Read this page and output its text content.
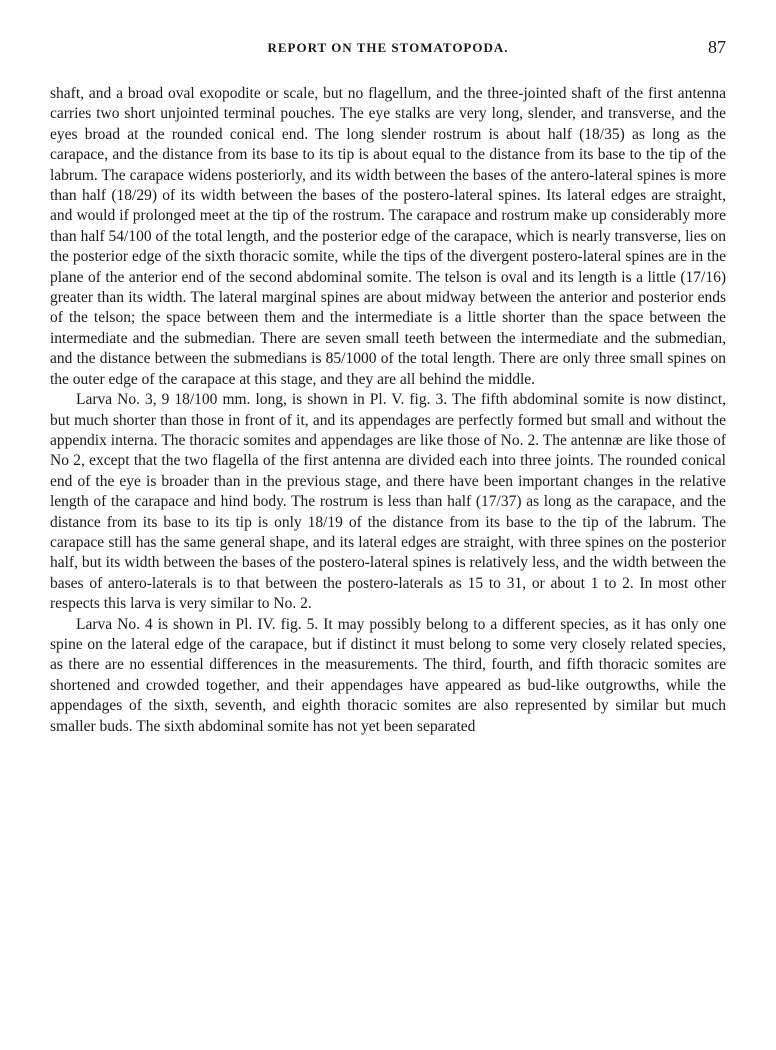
REPORT ON THE STOMATOPODA.	87

shaft, and a broad oval exopodite or scale, but no flagellum, and the three-jointed shaft of the first antenna carries two short unjointed terminal pouches. The eye stalks are very long, slender, and transverse, and the eyes broad at the rounded conical end. The long slender rostrum is about half (18/35) as long as the carapace, and the distance from its base to its tip is about equal to the distance from its base to the tip of the labrum. The carapace widens posteriorly, and its width between the bases of the antero-lateral spines is more than half (18/29) of its width between the bases of the postero-lateral spines. Its lateral edges are straight, and would if prolonged meet at the tip of the rostrum. The carapace and rostrum make up considerably more than half 54/100 of the total length, and the posterior edge of the carapace, which is nearly transverse, lies on the posterior edge of the sixth thoracic somite, while the tips of the divergent postero-lateral spines are in the plane of the anterior end of the second abdominal somite. The telson is oval and its length is a little (17/16) greater than its width. The lateral marginal spines are about midway between the anterior and posterior ends of the telson; the space between them and the intermediate is a little shorter than the space between the intermediate and the submedian. There are seven small teeth between the intermediate and the submedian, and the distance between the submedians is 85/1000 of the total length. There are only three small spines on the outer edge of the carapace at this stage, and they are all behind the middle.

Larva No. 3, 9 18/100 mm. long, is shown in Pl. V. fig. 3. The fifth abdominal somite is now distinct, but much shorter than those in front of it, and its appendages are perfectly formed but small and without the appendix interna. The thoracic somites and appendages are like those of No. 2. The antennæ are like those of No 2, except that the two flagella of the first antenna are divided each into three joints. The rounded conical end of the eye is broader than in the previous stage, and there have been important changes in the relative length of the carapace and hind body. The rostrum is less than half (17/37) as long as the carapace, and the distance from its base to its tip is only 18/19 of the distance from its base to the tip of the labrum. The carapace still has the same general shape, and its lateral edges are straight, with three spines on the posterior half, but its width between the bases of the postero-lateral spines is relatively less, and the width between the bases of antero-laterals is to that between the postero-laterals as 15 to 31, or about 1 to 2. In most other respects this larva is very similar to No. 2.

Larva No. 4 is shown in Pl. IV. fig. 5. It may possibly belong to a different species, as it has only one spine on the lateral edge of the carapace, but if distinct it must belong to some very closely related species, as there are no essential differences in the measurements. The third, fourth, and fifth thoracic somites are shortened and crowded together, and their appendages have appeared as bud-like outgrowths, while the appendages of the sixth, seventh, and eighth thoracic somites are also represented by similar but much smaller buds. The sixth abdominal somite has not yet been separated
